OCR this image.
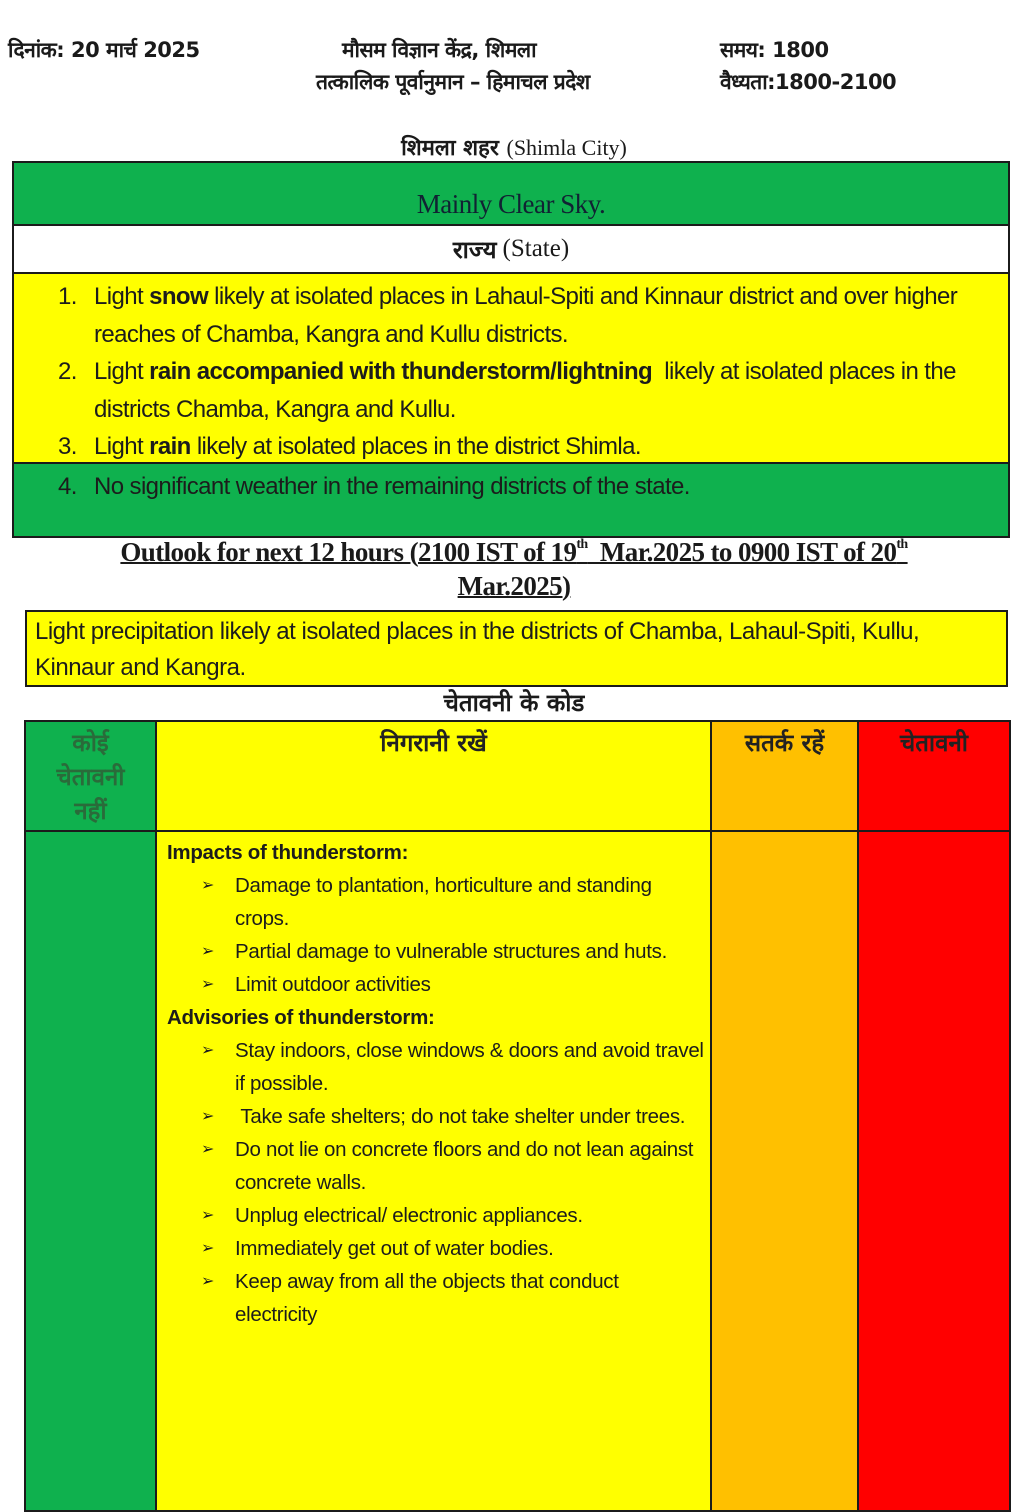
दिनांक: 20 मार्च 2025	मौसम विज्ञान केंद्र, शिमला
तत्कालिक पूर्वानुमान – हिमाचल प्रदेश
समय: 1800
वैध्यता:1800-2100
शिमला शहर (Shimla City)
Mainly Clear Sky.
राज्य (State)
1. Light snow likely at isolated places in Lahaul-Spiti and Kinnaur district and over higher reaches of Chamba, Kangra and Kullu districts.
2. Light rain accompanied with thunderstorm/lightning  likely at isolated places in the districts Chamba, Kangra and Kullu.
3. Light rain likely at isolated places in the district Shimla.
4. No significant weather in the remaining districts of the state.
Outlook for next 12 hours (2100 IST of 19th  Mar.2025 to 0900 IST of 20th
Mar.2025)
Light precipitation likely at isolated places in the districts of Chamba, Lahaul-Spiti, Kullu, Kinnaur and Kangra.
चेतावनी के कोड
कोई चेतावनी नहीं
निगरानी रखें	सतर्क रहें	चेतावनी
Impacts of thunderstorm:
➢	Damage to plantation, horticulture and standing crops.
➢	Partial damage to vulnerable structures and huts.
➢	Limit outdoor activities
Advisories of thunderstorm:
➢	Stay indoors, close windows & doors and avoid travel if possible.
➢	Take safe shelters; do not take shelter under trees.
➢	Do not lie on concrete floors and do not lean against concrete walls.
➢	Unplug electrical/ electronic appliances.
➢	Immediately get out of water bodies.
➢	Keep away from all the objects that conduct electricity
